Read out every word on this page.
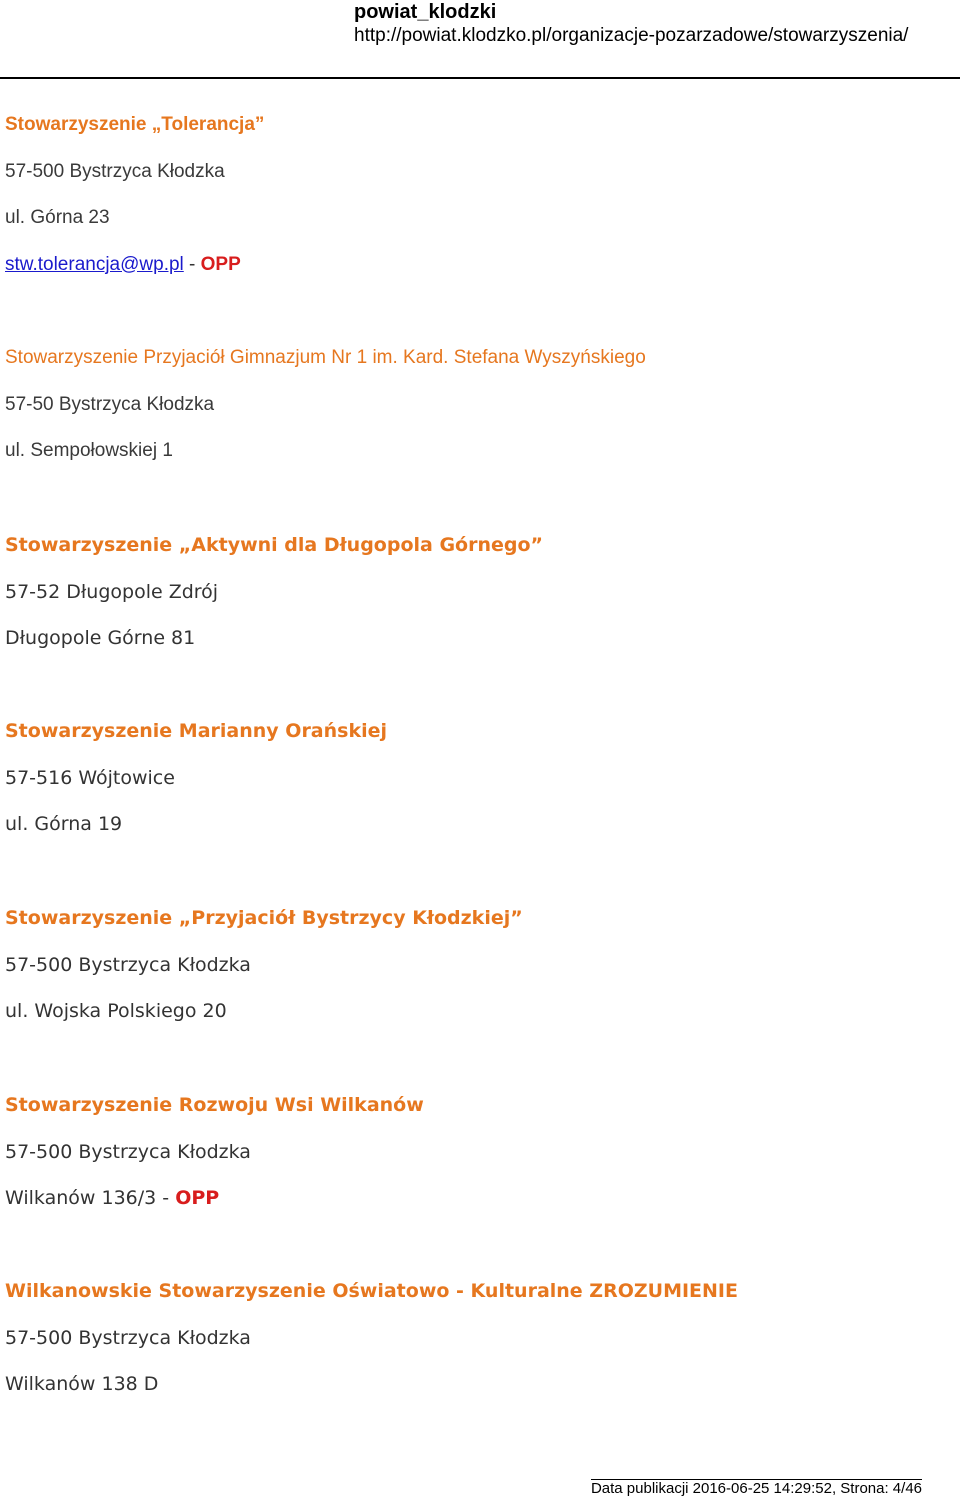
powiat_klodzki
http://powiat.klodzko.pl/organizacje-pozarzadowe/stowarzyszenia/
Stowarzyszenie „Tolerancja”
57-500 Bystrzyca Kłodzka
ul. Górna 23
stw.tolerancja@wp.pl - OPP
Stowarzyszenie Przyjaciół Gimnazjum Nr 1 im. Kard. Stefana Wyszyńskiego
57-50 Bystrzyca Kłodzka
ul. Sempołowskiej 1
Stowarzyszenie „Aktywni dla Długopola Górnego”
57-52 Długopole Zdrój
Długopole Górne 81
Stowarzyszenie Marianny Orańskiej
57-516 Wójtowice
ul. Górna 19
Stowarzyszenie „Przyjaciół Bystrzycy Kłodzkiej”
57-500 Bystrzyca Kłodzka
ul. Wojska Polskiego 20
Stowarzyszenie Rozwoju Wsi Wilkanów
57-500 Bystrzyca Kłodzka
Wilkanów 136/3 - OPP
Wilkanowskie Stowarzyszenie Oświatowo - Kulturalne ZROZUMIENIE
57-500 Bystrzyca Kłodzka
Wilkanów 138 D
Data publikacji 2016-06-25 14:29:52, Strona: 4/46
